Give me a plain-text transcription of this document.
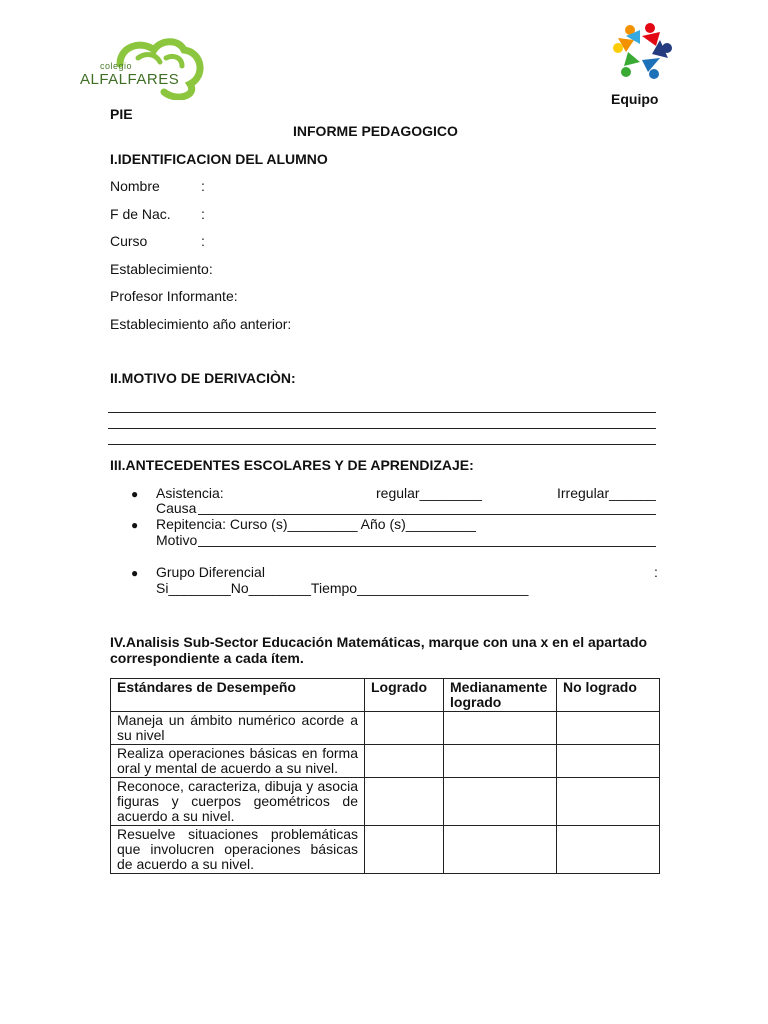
colegio
ALFALFARES
Equipo
PIE
INFORME PEDAGOGICO
I.IDENTIFICACION DEL ALUMNO
Nombre	:
F de Nac. :
Curso	:
Establecimiento:
Profesor Informante:
Establecimiento año anterior:
II.MOTIVO DE DERIVACIÒN:
III.ANTECEDENTES ESCOLARES Y DE APRENDIZAJE:
● Asistencia:	regular________	Irregular______
Causa
● Repitencia: Curso (s)_________ Año (s)_________
Motivo
● Grupo Diferencial	:
Si________No________Tiempo______________________
IV.Analisis Sub-Sector Educación Matemáticas, marque con una x en el apartado
correspondiente a cada ítem.
Estándares de Desempeño	Logrado	Medianamente logrado	No logrado
Maneja un ámbito numérico acorde a su nivel			
Realiza operaciones básicas en forma oral y mental de acuerdo a su nivel.			
Reconoce, caracteriza, dibuja y asocia figuras y cuerpos geométricos de acuerdo a su nivel.			
Resuelve situaciones problemáticas que involucren operaciones básicas de acuerdo a su nivel.			
